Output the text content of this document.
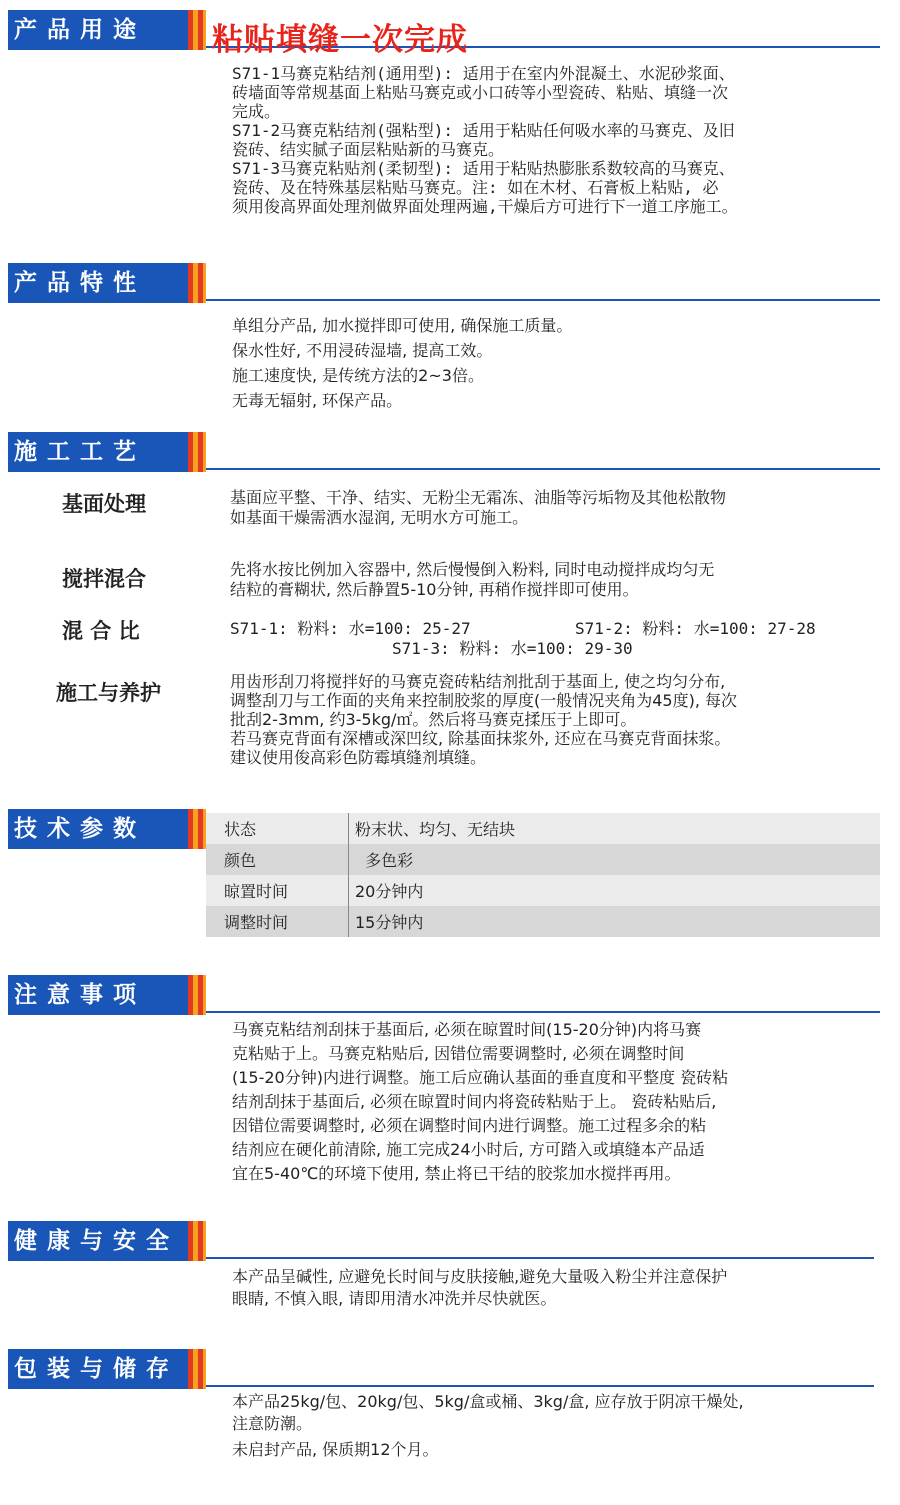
产品用途	粘贴填缝一次完成
S71-1马赛克粘结剂(通用型): 适用于在室内外混凝土、水泥砂浆面、
砖墙面等常规基面上粘贴马赛克或小口砖等小型瓷砖、粘贴、填缝一次
完成。
S71-2马赛克粘结剂(强粘型): 适用于粘贴任何吸水率的马赛克、及旧
瓷砖、结实腻子面层粘贴新的马赛克。
S71-3马赛克粘贴剂(柔韧型): 适用于粘贴热膨胀系数较高的马赛克、
瓷砖、及在特殊基层粘贴马赛克。注: 如在木材、石膏板上粘贴, 必
须用俊高界面处理剂做界面处理两遍,干燥后方可进行下一道工序施工。
产品特性
单组分产品, 加水搅拌即可使用, 确保施工质量。
保水性好, 不用浸砖湿墙, 提高工效。
施工速度快, 是传统方法的2~3倍。
无毒无辐射, 环保产品。
施工工艺
基面处理	基面应平整、干净、结实、无粉尘无霜冻、油脂等污垢物及其他松散物
如基面干燥需洒水湿润, 无明水方可施工。
搅拌混合	先将水按比例加入容器中, 然后慢慢倒入粉料, 同时电动搅拌成均匀无
结粒的膏糊状, 然后静置5-10分钟, 再稍作搅拌即可使用。
混 合 比	S71-1: 粉料: 水=100: 25-27	S71-2: 粉料: 水=100: 27-28
S71-3: 粉料: 水=100: 29-30
施工与养护	用齿形刮刀将搅拌好的马赛克瓷砖粘结剂批刮于基面上, 使之均匀分布,
调整刮刀与工作面的夹角来控制胶浆的厚度(一般情况夹角为45度), 每次
批刮2-3mm, 约3-5kg/㎡。然后将马赛克揉压于上即可。
若马赛克背面有深槽或深凹纹, 除基面抹浆外, 还应在马赛克背面抹浆。
建议使用俊高彩色防霉填缝剂填缝。
技术参数	状态	粉末状、均匀、无结块
颜色	多色彩
晾置时间	20分钟内
调整时间	15分钟内
注意事项
马赛克粘结剂刮抹于基面后, 必须在晾置时间(15-20分钟)内将马赛
克粘贴于上。马赛克粘贴后, 因错位需要调整时, 必须在调整时间
(15-20分钟)内进行调整。施工后应确认基面的垂直度和平整度 瓷砖粘
结剂刮抹于基面后, 必须在晾置时间内将瓷砖粘贴于上。 瓷砖粘贴后,
因错位需要调整时, 必须在调整时间内进行调整。施工过程多余的粘
结剂应在硬化前清除, 施工完成24小时后, 方可踏入或填缝本产品适
宜在5-40℃的环境下使用, 禁止将已干结的胶浆加水搅拌再用。
健康与安全
本产品呈碱性, 应避免长时间与皮肤接触,避免大量吸入粉尘并注意保护
眼睛, 不慎入眼, 请即用清水冲洗并尽快就医。
包装与储存
本产品25kg/包、20kg/包、5kg/盒或桶、3kg/盒, 应存放于阴凉干燥处,
注意防潮。
未启封产品, 保质期12个月。
